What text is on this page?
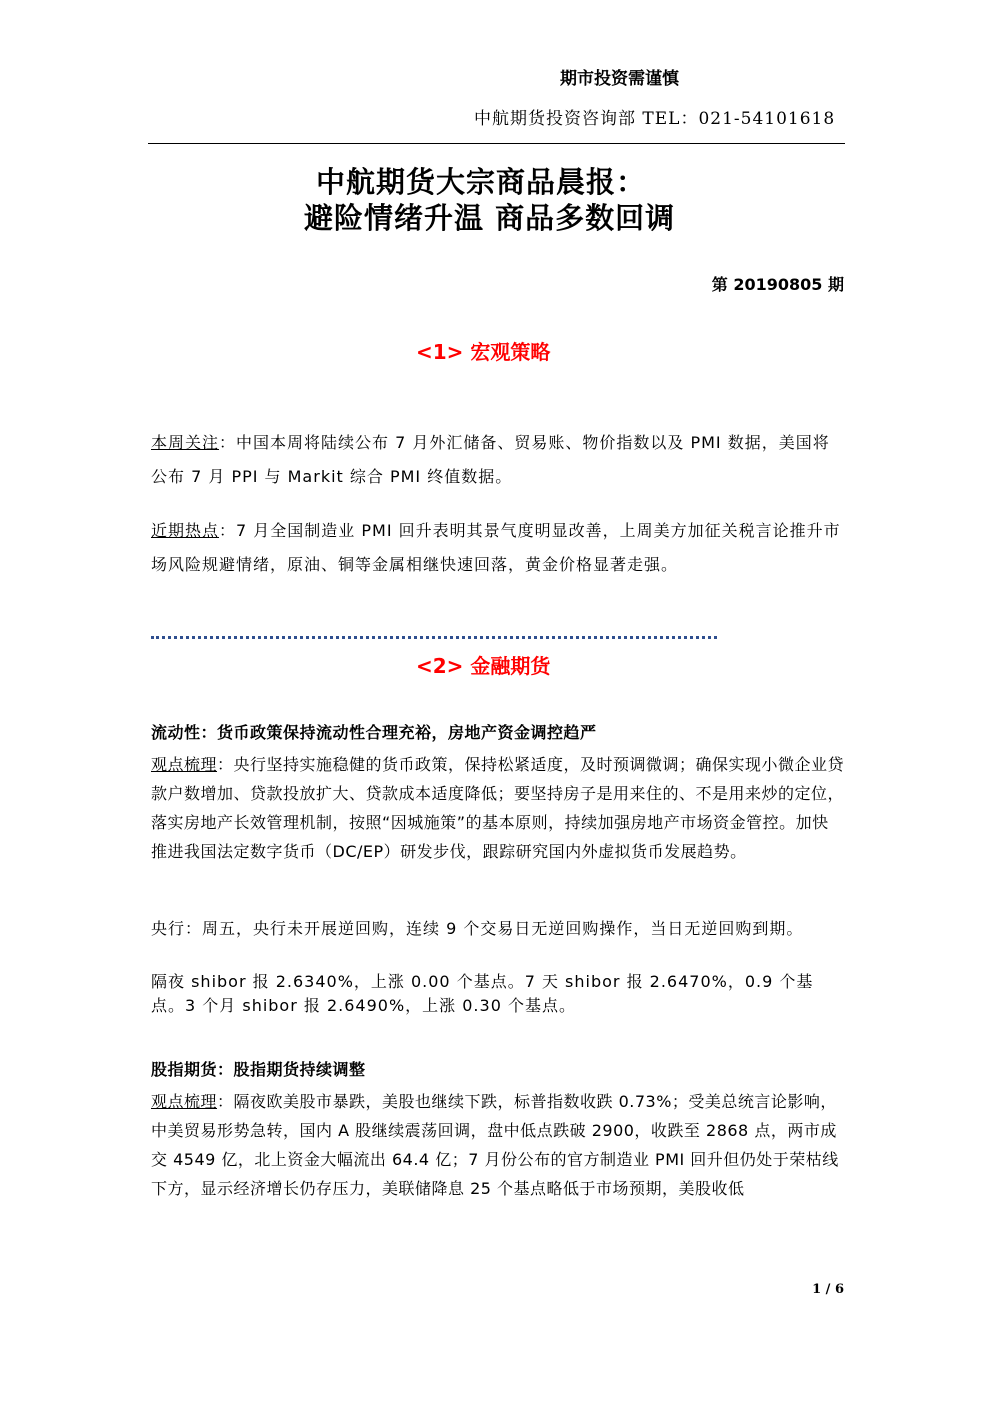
期市投资需谨慎
中航期货投资咨询部 TEL：021-54101618
中航期货大宗商品晨报：
避险情绪升温 商品多数回调
第 20190805 期
<1> 宏观策略
本周关注：中国本周将陆续公布 7 月外汇储备、贸易账、物价指数以及 PMI 数据，美国将公布 7 月 PPI 与 Markit 综合 PMI 终值数据。
近期热点：7 月全国制造业 PMI 回升表明其景气度明显改善，上周美方加征关税言论推升市场风险规避情绪，原油、铜等金属相继快速回落，黄金价格显著走强。
<2> 金融期货
流动性：货币政策保持流动性合理充裕，房地产资金调控趋严
观点梳理：央行坚持实施稳健的货币政策，保持松紧适度，及时预调微调；确保实现小微企业贷款户数增加、贷款投放扩大、贷款成本适度降低；要坚持房子是用来住的、不是用来炒的定位，落实房地产长效管理机制，按照“因城施策”的基本原则，持续加强房地产市场资金管控。加快推进我国法定数字货币（DC/EP）研发步伐，跟踪研究国内外虚拟货币发展趋势。
央行：周五，央行未开展逆回购，连续 9 个交易日无逆回购操作，当日无逆回购到期。
隔夜 shibor 报 2.6340%，上涨 0.00 个基点。7 天 shibor 报 2.6470%，0.9 个基点。3 个月 shibor 报 2.6490%，上涨 0.30 个基点。
股指期货：股指期货持续调整
观点梳理：隔夜欧美股市暴跌，美股也继续下跌，标普指数收跌 0.73%；受美总统言论影响，中美贸易形势急转，国内 A 股继续震荡回调，盘中低点跌破 2900，收跌至 2868 点，两市成交 4549 亿，北上资金大幅流出 64.4 亿；7 月份公布的官方制造业 PMI 回升但仍处于荣枯线下方，显示经济增长仍存压力，美联储降息 25 个基点略低于市场预期，美股收低
1 / 6
